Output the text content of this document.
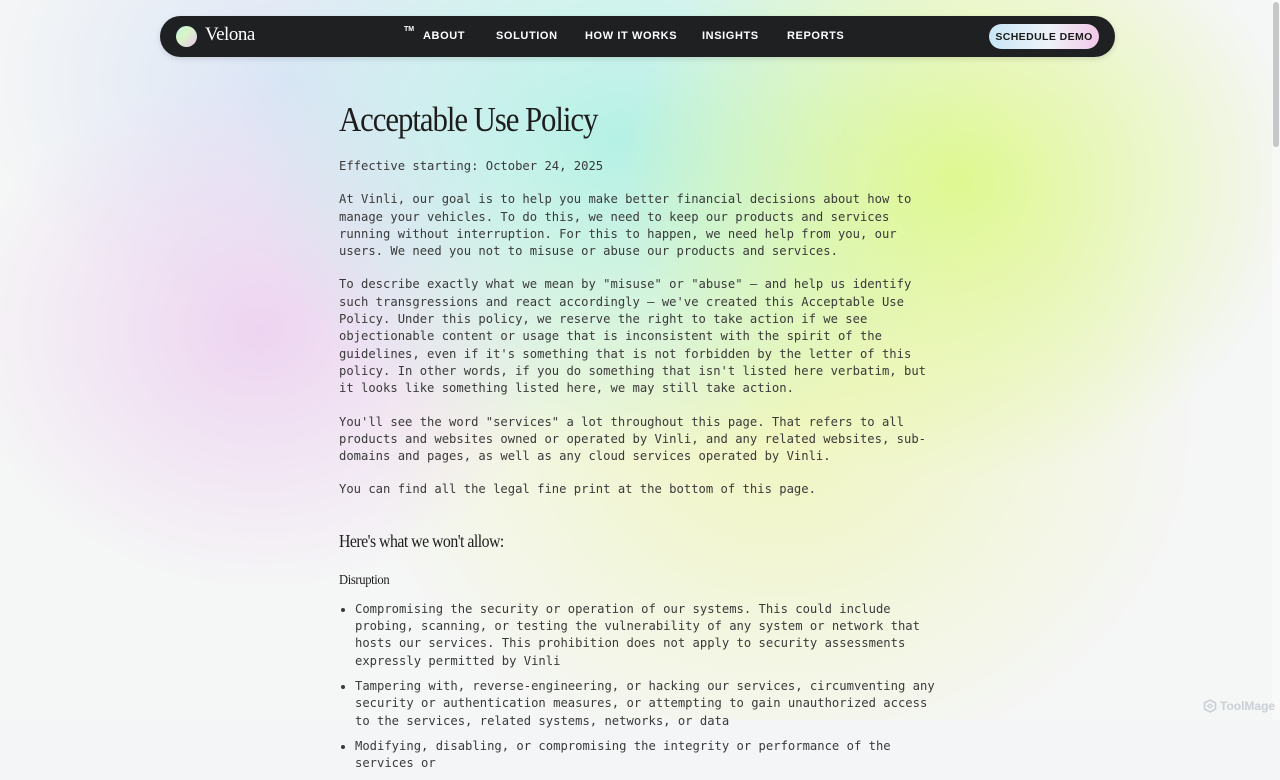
Velona	TM
ABOUT	SOLUTION HOW IT WORKS INSIGHTS	REPORTS	SCHEDULE DEMO
Acceptable Use Policy

Effective starting: October 24, 2025

At Vinli, our goal is to help you make better financial decisions about how to manage your vehicles. To do this, we need to keep our products and services running without interruption. For this to happen, we need help from you, our users. We need you not to misuse or abuse our products and services.

To describe exactly what we mean by "misuse" or "abuse" — and help us identify such transgressions and react accordingly — we've created this Acceptable Use Policy. Under this policy, we reserve the right to take action if we see objectionable content or usage that is inconsistent with the spirit of the guidelines, even if it's something that is not forbidden by the letter of this policy. In other words, if you do something that isn't listed here verbatim, but it looks like something listed here, we may still take action.

You'll see the word "services" a lot throughout this page. That refers to all products and websites owned or operated by Vinli, and any related websites, sub-domains and pages, as well as any cloud services operated by Vinli.

You can find all the legal fine print at the bottom of this page.

Here's what we won't allow:
Disruption
• Compromising the security or operation of our systems. This could include probing, scanning, or testing the vulnerability of any system or network that hosts our services. This prohibition does not apply to security assessments expressly permitted by Vinli
• Tampering with, reverse-engineering, or hacking our services, circumventing any security or authentication measures, or attempting to gain unauthorized access to the services, related systems, networks, or data
• Modifying, disabling, or compromising the integrity or performance of the services or
ToolMage
